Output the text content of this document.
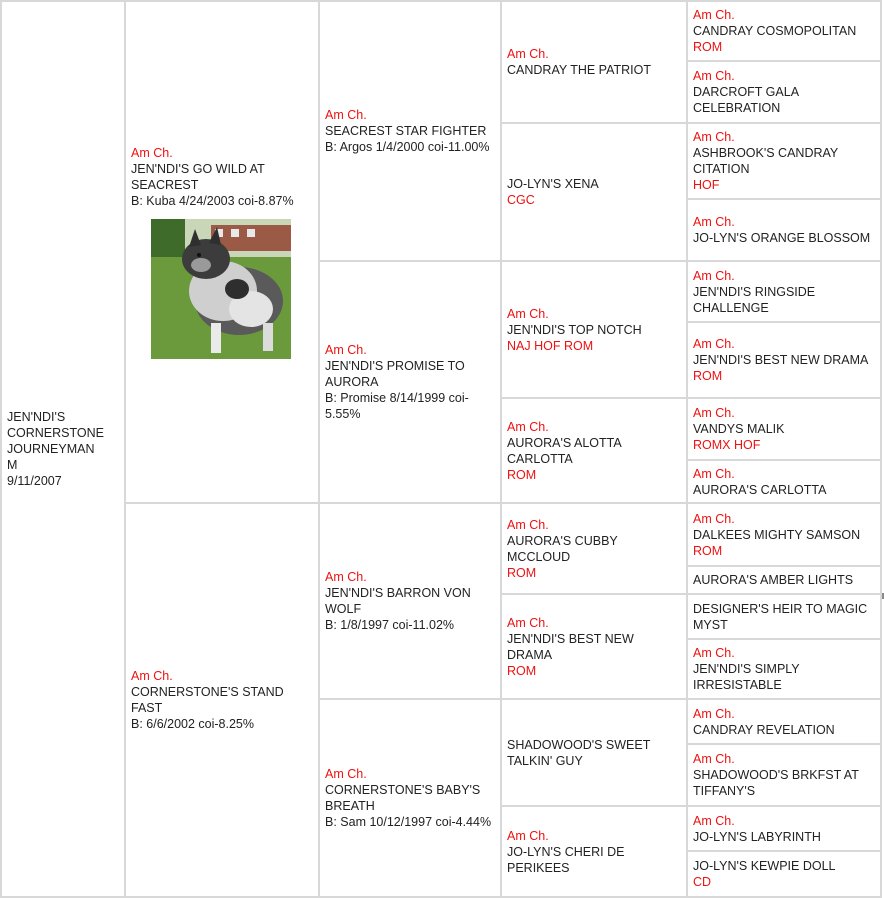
JEN'NDI'S CORNERSTONE JOURNEYMAN
M
9/11/2007
Am Ch.
JEN'NDI'S GO WILD AT SEACREST
B: Kuba 4/24/2003 coi-8.87%
Am Ch.
CORNERSTONE'S STAND FAST
B: 6/6/2002 coi-8.25%
Am Ch.
SEACREST STAR FIGHTER
B: Argos 1/4/2000 coi-11.00%
Am Ch.
JEN'NDI'S PROMISE TO AURORA
B: Promise 8/14/1999 coi-5.55%
Am Ch.
JEN'NDI'S BARRON VON WOLF
B: 1/8/1997 coi-11.02%
Am Ch.
CORNERSTONE'S BABY'S BREATH
B: Sam 10/12/1997 coi-4.44%
Am Ch.
CANDRAY THE PATRIOT
JO-LYN'S XENA
CGC
Am Ch.
JEN'NDI'S TOP NOTCH
NAJ HOF ROM
Am Ch.
AURORA'S ALOTTA CARLOTTA
ROM
Am Ch.
AURORA'S CUBBY MCCLOUD
ROM
Am Ch.
JEN'NDI'S BEST NEW DRAMA
ROM
SHADOWOOD'S SWEET TALKIN' GUY
Am Ch.
JO-LYN'S CHERI DE PERIKEES
Am Ch.
CANDRAY COSMOPOLITAN
ROM
Am Ch.
DARCROFT GALA CELEBRATION
Am Ch.
ASHBROOK'S CANDRAY CITATION
HOF
Am Ch.
JO-LYN'S ORANGE BLOSSOM
Am Ch.
JEN'NDI'S RINGSIDE CHALLENGE
Am Ch.
JEN'NDI'S BEST NEW DRAMA
ROM
Am Ch.
VANDYS MALIK
ROMX HOF
Am Ch.
AURORA'S CARLOTTA
Am Ch.
DALKEES MIGHTY SAMSON
ROM
AURORA'S AMBER LIGHTS
DESIGNER'S HEIR TO MAGIC MYST
Am Ch.
JEN'NDI'S SIMPLY IRRESISTABLE
Am Ch.
CANDRAY REVELATION
Am Ch.
SHADOWOOD'S BRKFST AT TIFFANY'S
Am Ch.
JO-LYN'S LABYRINTH
JO-LYN'S KEWPIE DOLL
CD
